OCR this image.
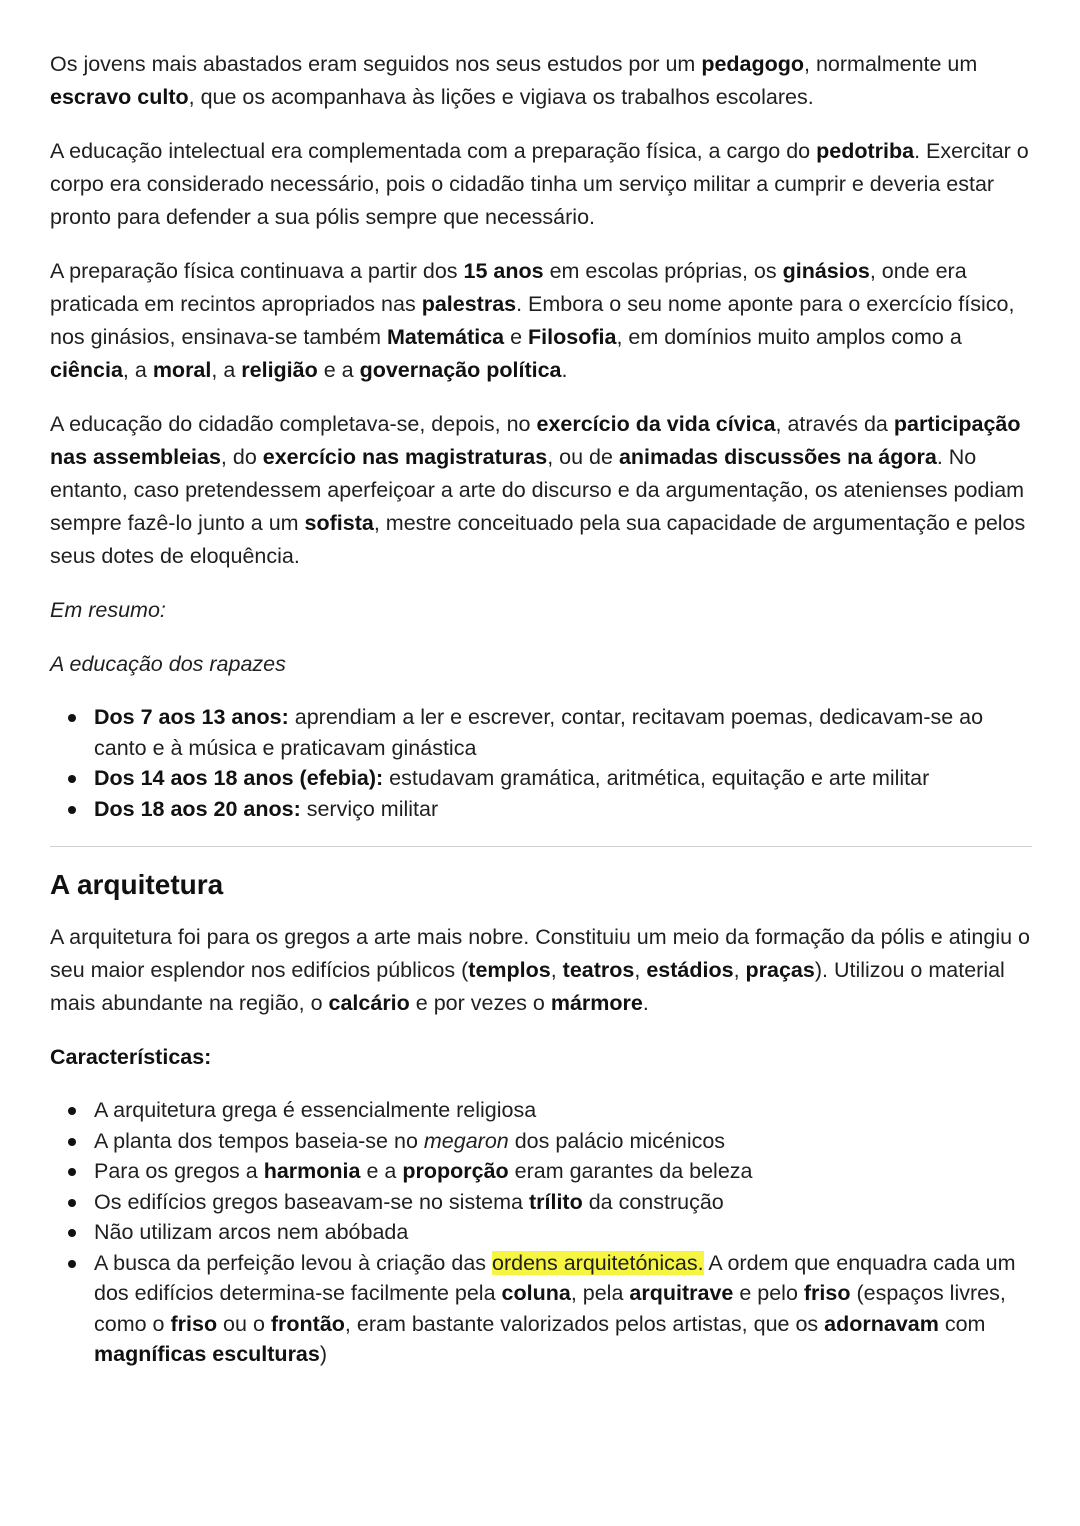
Os jovens mais abastados eram seguidos nos seus estudos por um pedagogo, normalmente um escravo culto, que os acompanhava às lições e vigiava os trabalhos escolares.

A educação intelectual era complementada com a preparação física, a cargo do pedotriba. Exercitar o corpo era considerado necessário, pois o cidadão tinha um serviço militar a cumprir e deveria estar pronto para defender a sua pólis sempre que necessário.

A preparação física continuava a partir dos 15 anos em escolas próprias, os ginásios, onde era praticada em recintos apropriados nas palestras. Embora o seu nome aponte para o exercício físico, nos ginásios, ensinava-se também Matemática e Filosofia, em domínios muito amplos como a ciência, a moral, a religião e a governação política.

A educação do cidadão completava-se, depois, no exercício da vida cívica, através da participação nas assembleias, do exercício nas magistraturas, ou de animadas discussões na ágora. No entanto, caso pretendessem aperfeiçoar a arte do discurso e da argumentação, os atenienses podiam sempre fazê-lo junto a um sofista, mestre conceituado pela sua capacidade de argumentação e pelos seus dotes de eloquência.

Em resumo:

A educação dos rapazes

Dos 7 aos 13 anos: aprendiam a ler e escrever, contar, recitavam poemas, dedicavam-se ao canto e à música e praticavam ginástica
Dos 14 aos 18 anos (efebia): estudavam gramática, aritmética, equitação e arte militar
Dos 18 aos 20 anos: serviço militar
A arquitetura

A arquitetura foi para os gregos a arte mais nobre. Constituiu um meio da formação da pólis e atingiu o seu maior esplendor nos edifícios públicos (templos, teatros, estádios, praças). Utilizou o material mais abundante na região, o calcário e por vezes o mármore.

Características:

A arquitetura grega é essencialmente religiosa
A planta dos tempos baseia-se no megaron dos palácio micénicos
Para os gregos a harmonia e a proporção eram garantes da beleza
Os edifícios gregos baseavam-se no sistema trílito da construção
Não utilizam arcos nem abóbada
A busca da perfeição levou à criação das ordens arquitetónicas. A ordem que enquadra cada um dos edifícios determina-se facilmente pela coluna, pela arquitrave e pelo friso (espaços livres, como o friso ou o frontão, eram bastante valorizados pelos artistas, que os adornavam com magníficas esculturas)
